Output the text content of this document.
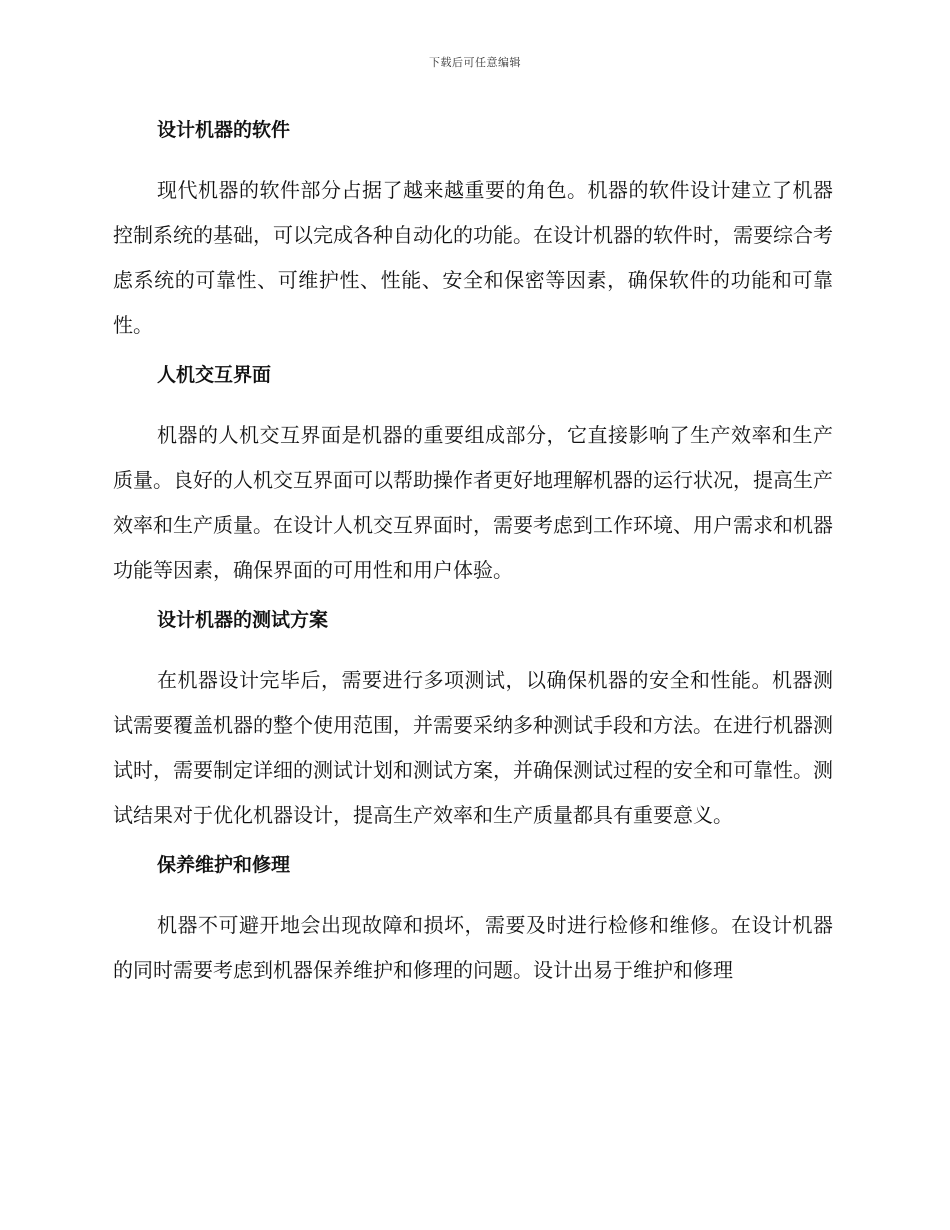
下载后可任意编辑
设计机器的软件

现代机器的软件部分占据了越来越重要的角色。机器的软件设计建立了机器控制系统的基础，可以完成各种自动化的功能。在设计机器的软件时，需要综合考虑系统的可靠性、可维护性、性能、安全和保密等因素，确保软件的功能和可靠性。

人机交互界面

机器的人机交互界面是机器的重要组成部分，它直接影响了生产效率和生产质量。良好的人机交互界面可以帮助操作者更好地理解机器的运行状况，提高生产效率和生产质量。在设计人机交互界面时，需要考虑到工作环境、用户需求和机器功能等因素，确保界面的可用性和用户体验。

设计机器的测试方案

在机器设计完毕后，需要进行多项测试，以确保机器的安全和性能。机器测试需要覆盖机器的整个使用范围，并需要采纳多种测试手段和方法。在进行机器测试时，需要制定详细的测试计划和测试方案，并确保测试过程的安全和可靠性。测试结果对于优化机器设计，提高生产效率和生产质量都具有重要意义。

保养维护和修理

机器不可避开地会出现故障和损坏，需要及时进行检修和维修。在设计机器的同时需要考虑到机器保养维护和修理的问题。设计出易于维护和修理
